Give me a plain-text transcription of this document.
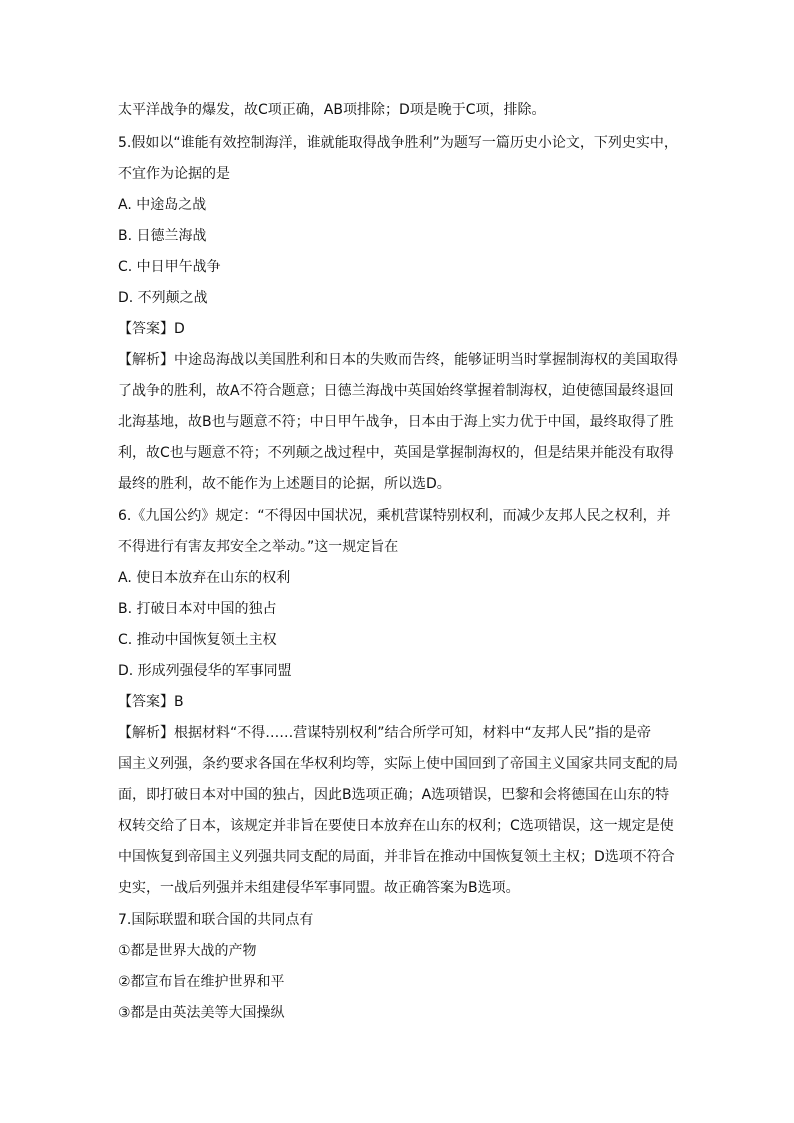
太平洋战争的爆发，故C项正确，AB项排除；D项是晚于C项，排除。
5.假如以“谁能有效控制海洋，谁就能取得战争胜利”为题写一篇历史小论文，下列史实中，
不宜作为论据的是
A. 中途岛之战
B. 日德兰海战
C. 中日甲午战争
D. 不列颠之战
【答案】D
【解析】中途岛海战以美国胜利和日本的失败而告终，能够证明当时掌握制海权的美国取得
了战争的胜利，故A不符合题意；日德兰海战中英国始终掌握着制海权，迫使德国最终退回
北海基地，故B也与题意不符；中日甲午战争，日本由于海上实力优于中国，最终取得了胜
利，故C也与题意不符；不列颠之战过程中，英国是掌握制海权的，但是结果并能没有取得
最终的胜利，故不能作为上述题目的论据，所以选D。
6.《九国公约》规定：“不得因中国状况，乘机营谋特别权利，而减少友邦人民之权利，并
不得进行有害友邦安全之举动。”这一规定旨在
A. 使日本放弃在山东的权利
B. 打破日本对中国的独占
C. 推动中国恢复领土主权
D. 形成列强侵华的军事同盟
【答案】B
【解析】根据材料“不得……营谋特别权利”结合所学可知，材料中“友邦人民”指的是帝
国主义列强，条约要求各国在华权利均等，实际上使中国回到了帝国主义国家共同支配的局
面，即打破日本对中国的独占，因此B选项正确；A选项错误，巴黎和会将德国在山东的特
权转交给了日本，该规定并非旨在要使日本放弃在山东的权利；C选项错误，这一规定是使
中国恢复到帝国主义列强共同支配的局面，并非旨在推动中国恢复领土主权；D选项不符合
史实，一战后列强并未组建侵华军事同盟。故正确答案为B选项。
7.国际联盟和联合国的共同点有
①都是世界大战的产物
②都宣布旨在维护世界和平
③都是由英法美等大国操纵
